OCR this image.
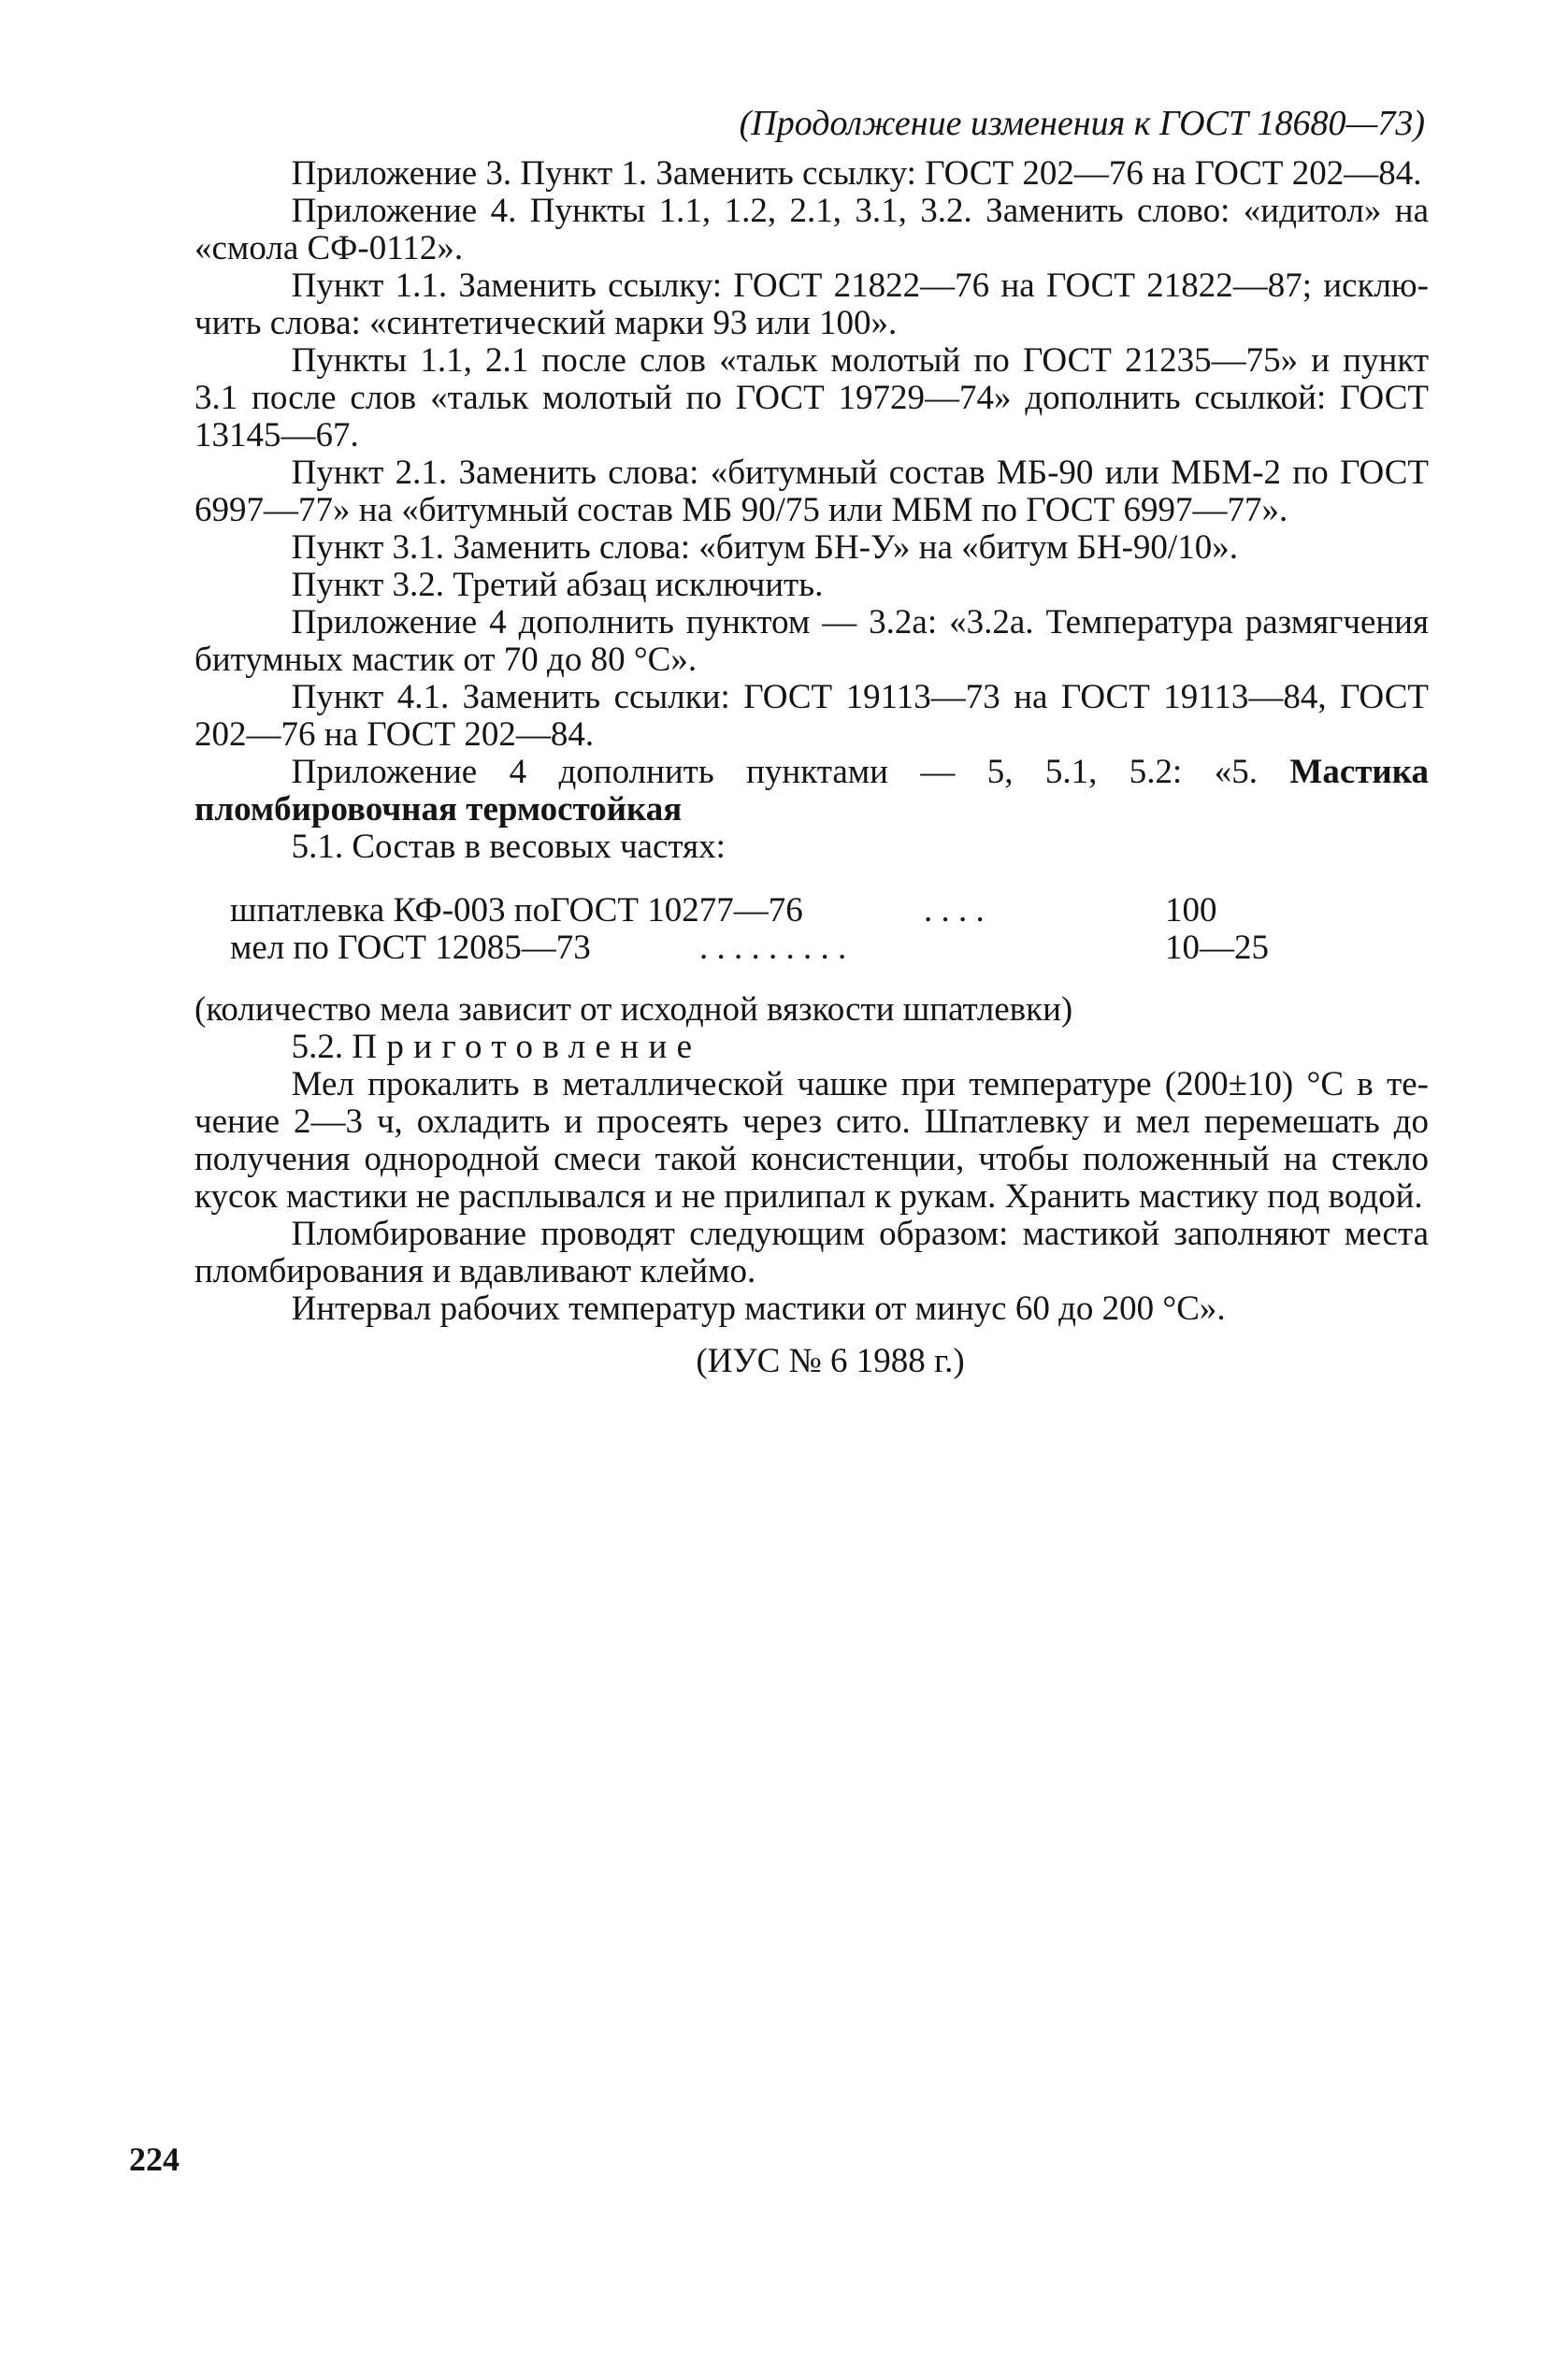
(Продолжение изменения к ГОСТ 18680—73)

Приложение 3. Пункт 1. Заменить ссылку: ГОСТ 202—76 на ГОСТ 202—84.

Приложение 4. Пункты 1.1, 1.2, 2.1, 3.1, 3.2. Заменить слово: «идитол» на «смола СФ-0112».

Пункт 1.1. Заменить ссылку: ГОСТ 21822—76 на ГОСТ 21822—87; исключить слова: «синтетический марки 93 или 100».

Пункты 1.1, 2.1 после слов «тальк молотый по ГОСТ 21235—75» и пункт 3.1 после слов «тальк молотый по ГОСТ 19729—74» дополнить ссылкой: ГОСТ 13145—67.

Пункт 2.1. Заменить слова: «битумный состав МБ-90 или МБМ-2 по ГОСТ 6997—77» на «битумный состав МБ 90/75 или МБМ по ГОСТ 6997—77».

Пункт 3.1. Заменить слова: «битум БН-У» на «битум БН-90/10».

Пункт 3.2. Третий абзац исключить.

Приложение 4 дополнить пунктом — 3.2а: «3.2а. Температура размягчения битумных мастик от 70 до 80 °С».

Пункт 4.1. Заменить ссылки: ГОСТ 19113—73 на ГОСТ 19113—84, ГОСТ 202—76 на ГОСТ 202—84.

Приложение 4 дополнить пунктами — 5, 5.1, 5.2: «5. Мастика пломбировочная термостойкая

5.1. Состав в весовых частях:

шпатлевка КФ-003 поГОСТ 10277—76	. . . .	100
мел по ГОСТ 12085—73	. . . . . . . . .	10—25

(количество мела зависит от исходной вязкости шпатлевки)

5.2. Приготовление

Мел прокалить в металлической чашке при температуре (200±10) °С в течение 2—3 ч, охладить и просеять через сито. Шпатлевку и мел перемешать до получения однородной смеси такой консистенции, чтобы положенный на стекло кусок мастики не расплывался и не прилипал к рукам. Хранить мастику под водой.

Пломбирование проводят следующим образом: мастикой заполняют места пломбирования и вдавливают клеймо.

Интервал рабочих температур мастики от минус 60 до 200 °С».

(ИУС № 6 1988 г.)
224
